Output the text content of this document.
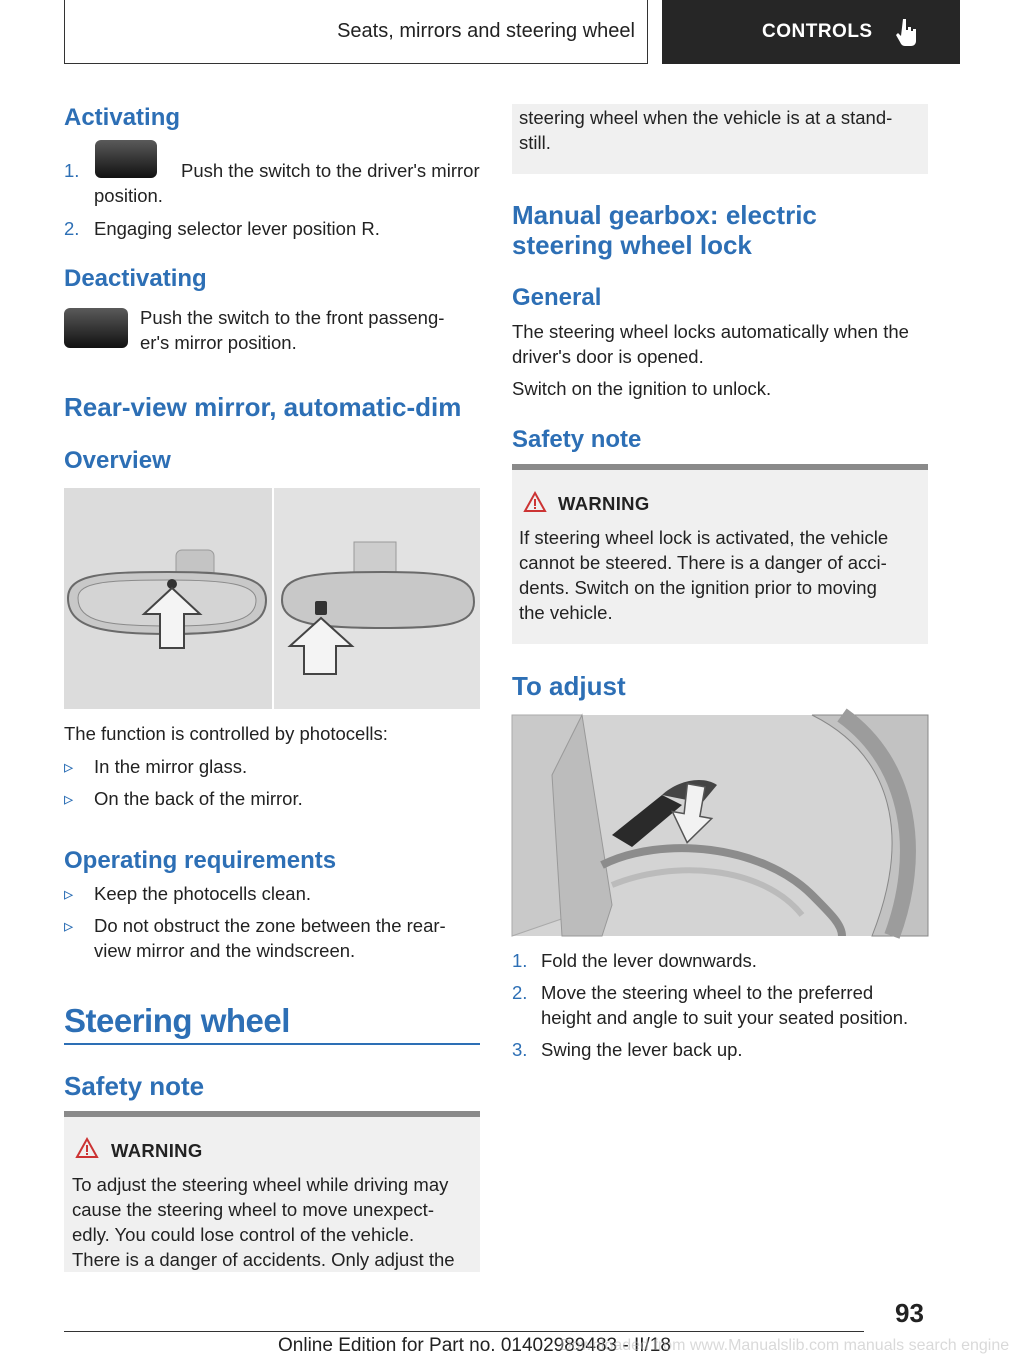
Seats, mirrors and steering wheel	CONTROLS
Activating
1.	Push the switch to the driver's mirror
position.
2. Engaging selector lever position R.
Deactivating
Push the switch to the front passeng‐
er's mirror position.
Rear-view mirror, automatic-dim
Overview
The function is controlled by photocells:
▹ In the mirror glass.
▹ On the back of the mirror.
Operating requirements
▹ Keep the photocells clean.
▹ Do not obstruct the zone between the rear‐
view mirror and the windscreen.
Steering wheel
Safety note
WARNING
To adjust the steering wheel while driving may
cause the steering wheel to move unexpect‐
edly. You could lose control of the vehicle.
There is a danger of accidents. Only adjust the
steering wheel when the vehicle is at a stand‐
still.
Manual gearbox: electric
steering wheel lock
General
The steering wheel locks automatically when the
driver's door is opened.
Switch on the ignition to unlock.
Safety note
WARNING
If steering wheel lock is activated, the vehicle
cannot be steered. There is a danger of acci‐
dents. Switch on the ignition prior to moving
the vehicle.
To adjust
1. Fold the lever downwards.
2. Move the steering wheel to the preferred
height and angle to suit your seated position.
3. Swing the lever back up.
93
Online Edition for Part no. 01402989483 - II/18
Downloaded from www.Manualslib.com manuals search engine
